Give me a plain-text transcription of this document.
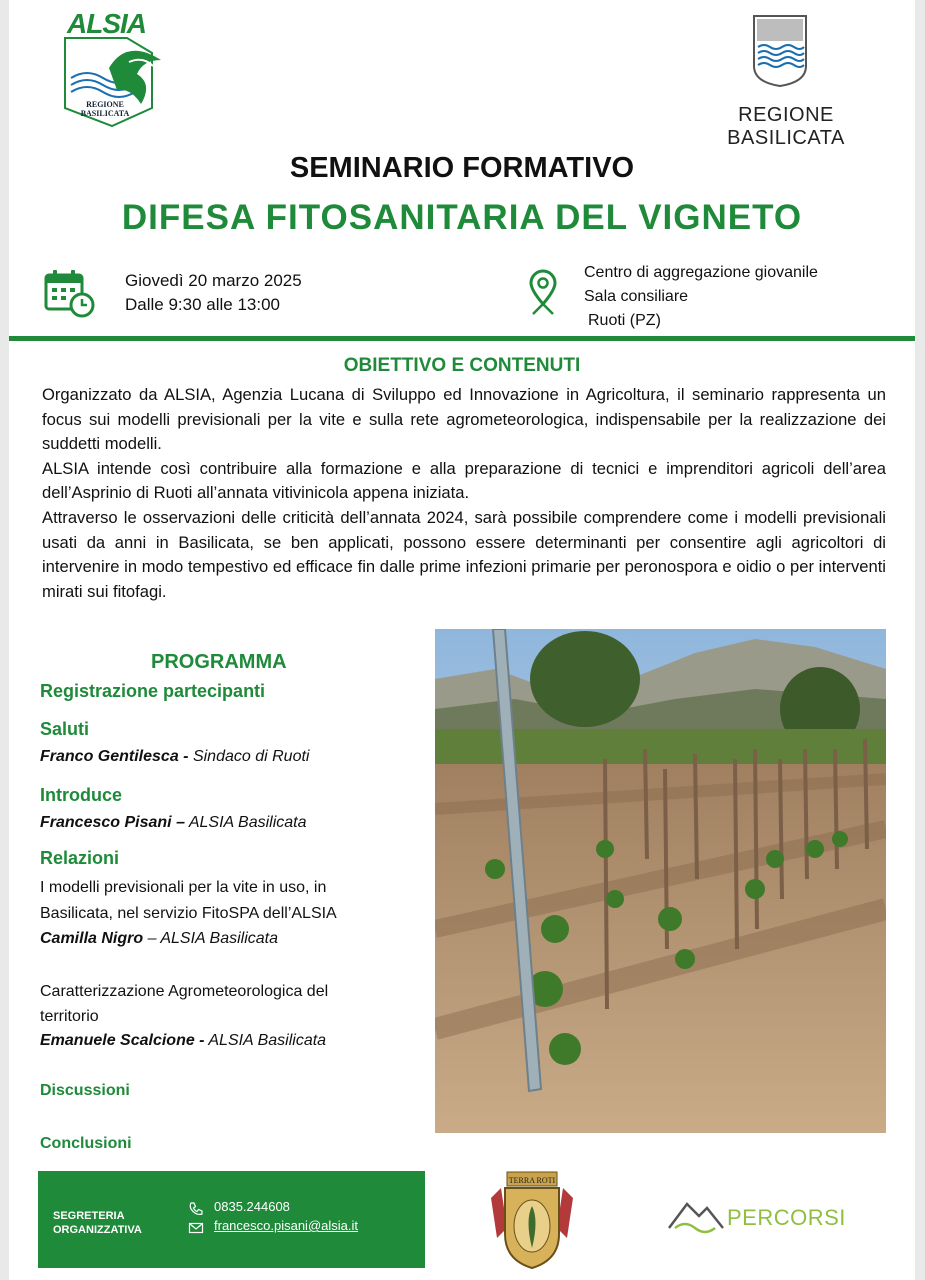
ALSIA
REGIONE BASILICATA	REGIONE BASILICATA
SEMINARIO FORMATIVO
DIFESA FITOSANITARIA DEL VIGNETO
Giovedì 20 marzo 2025
Dalle 9:30 alle 13:00
Centro di aggregazione giovanile
Sala consiliare
Ruoti (PZ)
OBIETTIVO E CONTENUTI

Organizzato da ALSIA, Agenzia Lucana di Sviluppo ed Innovazione in Agricoltura, il seminario rappresenta un focus sui modelli previsionali per la vite e sulla rete agrometeorologica, indispensabile per la realizzazione dei suddetti modelli.

ALSIA intende così contribuire alla formazione e alla preparazione di tecnici e imprenditori agricoli dell’area dell’Asprinio di Ruoti all’annata vitivinicola appena iniziata.

Attraverso le osservazioni delle criticità dell’annata 2024, sarà possibile comprendere come i modelli previsionali usati da anni in Basilicata, se ben applicati, possono essere determinanti per consentire agli agricoltori di intervenire in modo tempestivo ed efficace fin dalle prime infezioni primarie per peronospora e oidio o per interventi mirati sui fitofagi.

PROGRAMMA
Registrazione partecipanti
Saluti
Franco Gentilesca - Sindaco di Ruoti
Introduce
Francesco Pisani – ALSIA Basilicata
Relazioni
I modelli previsionali per la vite in uso, in
Basilicata, nel servizio FitoSPA dell’ALSIA
Camilla Nigro – ALSIA Basilicata
Caratterizzazione Agrometeorologica del
territorio
Emanuele Scalcione - ALSIA Basilicata
Discussioni
Conclusioni
SEGRETERIA
ORGANIZZATIVA
0835.244608
francesco.pisani@alsia.it
TERRA ROTI
PERCORSI
